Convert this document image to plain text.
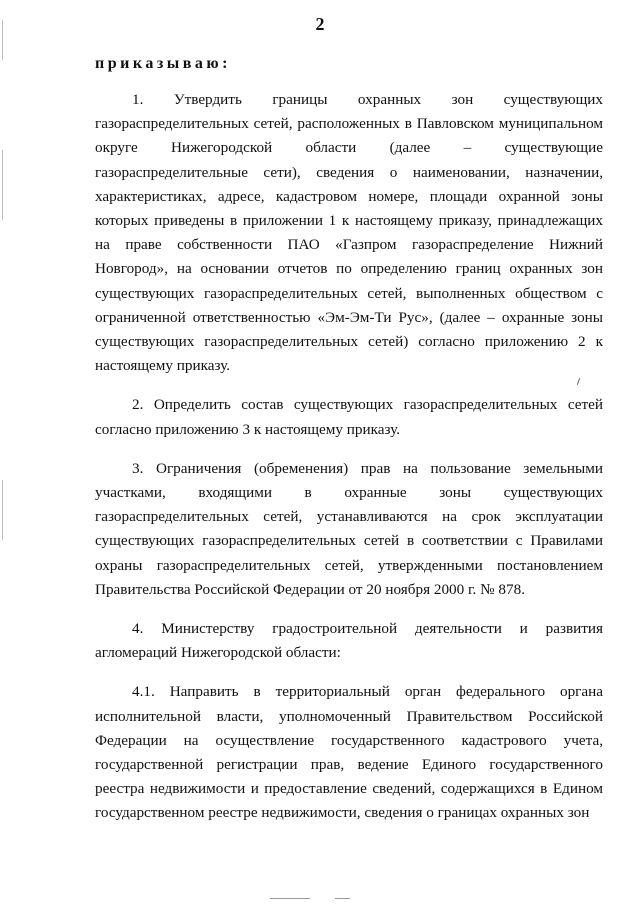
2
приказываю:

1. Утвердить границы охранных зон существующих газораспределительных сетей, расположенных в Павловском муниципальном округе Нижегородской области (далее – существующие газораспределительные сети), сведения о наименовании, назначении, характеристиках, адресе, кадастровом номере, площади охранной зоны которых приведены в приложении 1 к настоящему приказу, принадлежащих на праве собственности ПАО «Газпром газораспределение Нижний Новгород», на основании отчетов по определению границ охранных зон существующих газораспределительных сетей, выполненных обществом с ограниченной ответственностью «Эм-Эм-Ти Рус», (далее – охранные зоны существующих газораспределительных сетей) согласно приложению 2 к настоящему приказу.

2. Определить состав существующих газораспределительных сетей согласно приложению 3 к настоящему приказу.

3. Ограничения (обременения) прав на пользование земельными участками, входящими в охранные зоны существующих газораспределительных сетей, устанавливаются на срок эксплуатации существующих газораспределительных сетей в соответствии с Правилами охраны газораспределительных сетей, утвержденными постановлением Правительства Российской Федерации от 20 ноября 2000 г. № 878.

4. Министерству градостроительной деятельности и развития агломераций Нижегородской области:

4.1. Направить в территориальный орган федерального органа исполнительной власти, уполномоченный Правительством Российской Федерации на осуществление государственного кадастрового учета, государственной регистрации прав, ведение Единого государственного реестра недвижимости и предоставление сведений, содержащихся в Едином государственном реестре недвижимости, сведения о границах охранных зон
